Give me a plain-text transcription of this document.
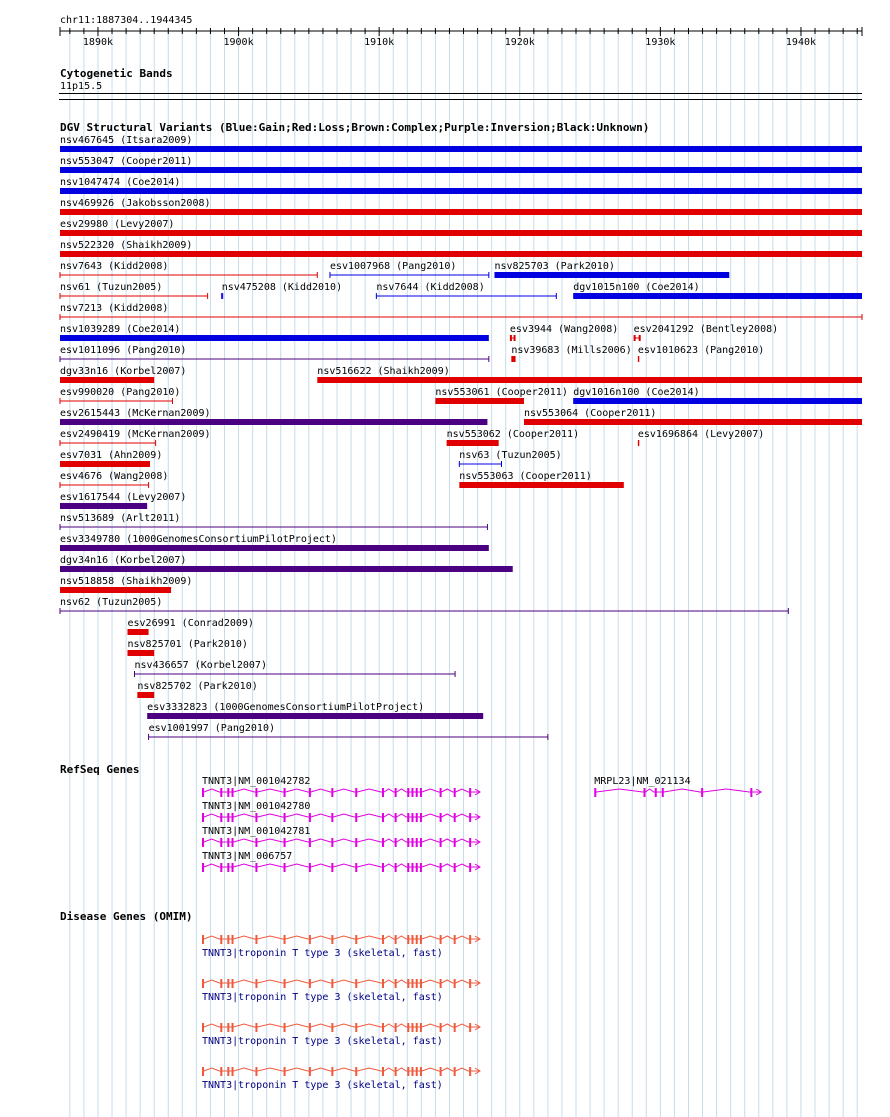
chr11:1887304..1944345
1890k	1900k	1910k	1920k	1930k	1940k
Cytogenetic Bands
11p15.5
DGV Structural Variants (Blue:Gain;Red:Loss;Brown:Complex;Purple:Inversion;Black:Unknown)
RefSeq Genes
Disease Genes (OMIM)
nsv467645 (Itsara2009)
nsv553047 (Cooper2011)
nsv1047474 (Coe2014)
nsv469926 (Jakobsson2008)
esv29980 (Levy2007)
nsv522320 (Shaikh2009)
nsv7643 (Kidd2008)	esv1007968 (Pang2010)	nsv825703 (Park2010)
nsv61 (Tuzun2005)	nsv475208 (Kidd2010)	nsv7644 (Kidd2008)	dgv1015n100 (Coe2014)
nsv7213 (Kidd2008)
nsv1039289 (Coe2014)	esv3944 (Wang2008) esv2041292 (Bentley2008)
esv1011096 (Pang2010)	nsv39683 (Mills2006) esv1010623 (Pang2010)
dgv33n16 (Korbel2007)	nsv516622 (Shaikh2009)
esv990020 (Pang2010)	nsv553061 (Cooper2011) dgv1016n100 (Coe2014)
esv2615443 (McKernan2009)	nsv553064 (Cooper2011)
esv2490419 (McKernan2009)	nsv553062 (Cooper2011)	esv1696864 (Levy2007)
esv7031 (Ahn2009)	nsv63 (Tuzun2005)
esv4676 (Wang2008)	nsv553063 (Cooper2011)
esv1617544 (Levy2007)
nsv513689 (Arlt2011)
esv3349780 (1000GenomesConsortiumPilotProject)
dgv34n16 (Korbel2007)
nsv518858 (Shaikh2009)
nsv62 (Tuzun2005)
esv26991 (Conrad2009)
nsv825701 (Park2010)
nsv436657 (Korbel2007)
nsv825702 (Park2010)
esv3332823 (1000GenomesConsortiumPilotProject)
esv1001997 (Pang2010)
TNNT3|NM_001042782
TNNT3|NM_001042780
TNNT3|NM_001042781
TNNT3|NM_006757
MRPL23|NM_021134
TNNT3|troponin T type 3 (skeletal, fast)
TNNT3|troponin T type 3 (skeletal, fast)
TNNT3|troponin T type 3 (skeletal, fast)
TNNT3|troponin T type 3 (skeletal, fast)
